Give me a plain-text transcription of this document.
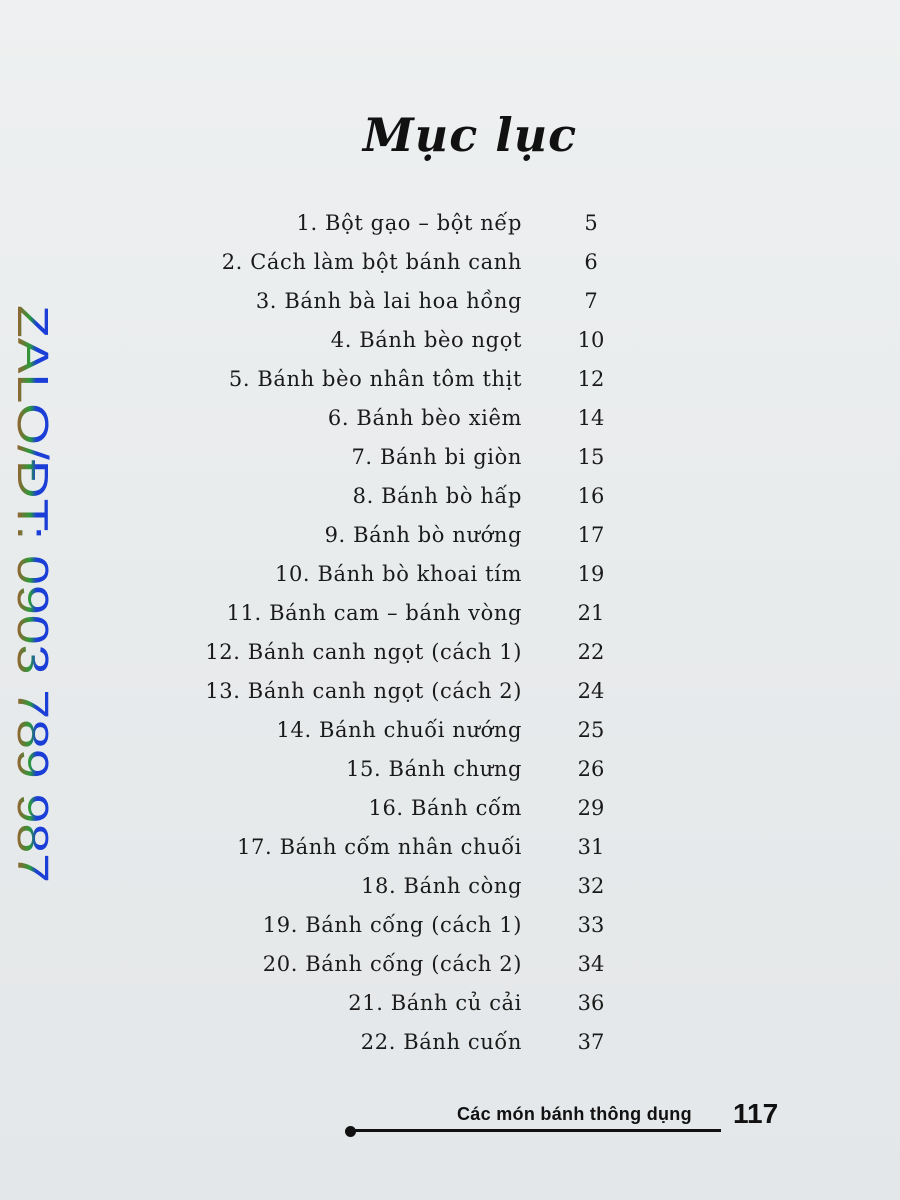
Mục lục
1. Bột gạo – bột nếp	5
2. Cách làm bột bánh canh	6
3. Bánh bà lai hoa hồng	7
4. Bánh bèo ngọt	10
5. Bánh bèo nhân tôm thịt	12
6. Bánh bèo xiêm	14
7. Bánh bi giòn	15
8. Bánh bò hấp	16
9. Bánh bò nướng	17
10. Bánh bò khoai tím	19
11. Bánh cam – bánh vòng	21
12. Bánh canh ngọt (cách 1)	22
13. Bánh canh ngọt (cách 2)	24
14. Bánh chuối nướng	25
15. Bánh chưng	26
16. Bánh cốm	29
17. Bánh cốm nhân chuối	31
18. Bánh còng	32
19. Bánh cống (cách 1)	33
20. Bánh cống (cách 2)	34
21. Bánh củ cải	36
22. Bánh cuốn	37
ZALO/ĐT: 0903 789 987
Các món bánh thông dụng 117
